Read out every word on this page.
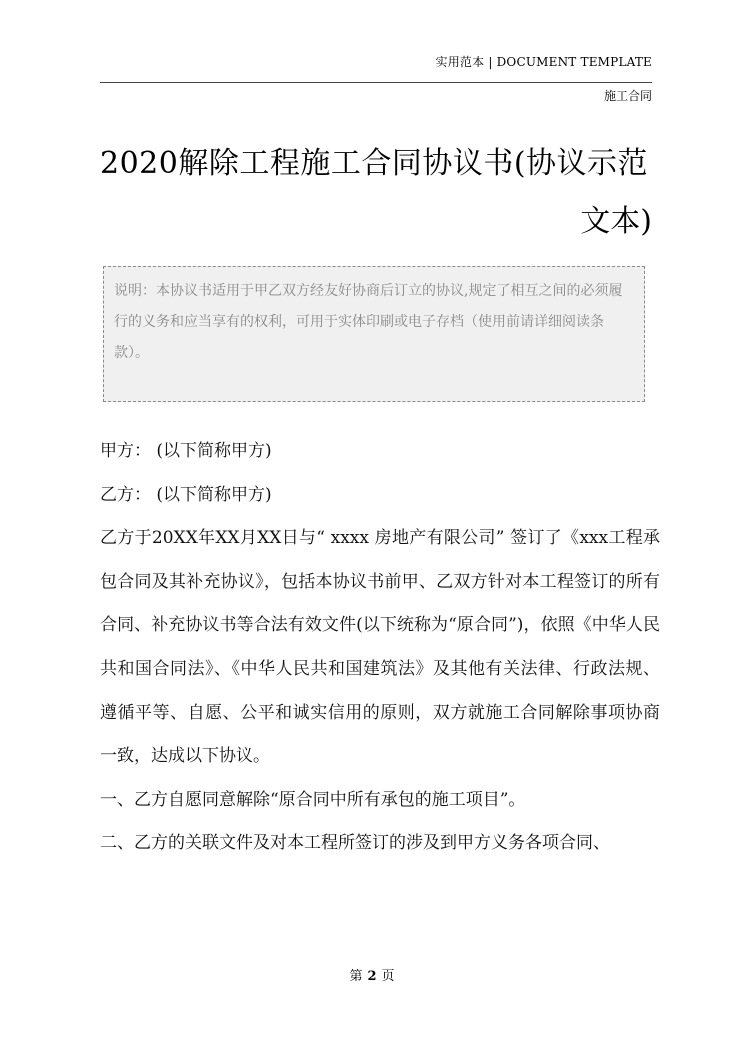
实用范本 | DOCUMENT TEMPLATE
施工合同
2020解除工程施工合同协议书(协议示范
文本)
说明：本协议书适用于甲乙双方经友好协商后订立的协议,规定了相互之间的必须履行的义务和应当享有的权利，可用于实体印刷或电子存档（使用前请详细阅读条款）。

甲方： (以下简称甲方)

乙方： (以下简称甲方)

乙方于20XX年XX月XX日与“ xxxx 房地产有限公司” 签订了《xxx工程承包合同及其补充协议》，包括本协议书前甲、乙双方针对本工程签订的所有合同、补充协议书等合法有效文件(以下统称为“原合同”)，依照《中华人民共和国合同法》、《中华人民共和国建筑法》及其他有关法律、行政法规、遵循平等、自愿、公平和诚实信用的原则，双方就施工合同解除事项协商一致，达成以下协议。

一、乙方自愿同意解除“原合同中所有承包的施工项目”。

二、乙方的关联文件及对本工程所签订的涉及到甲方义务各项合同、

第 2 页
